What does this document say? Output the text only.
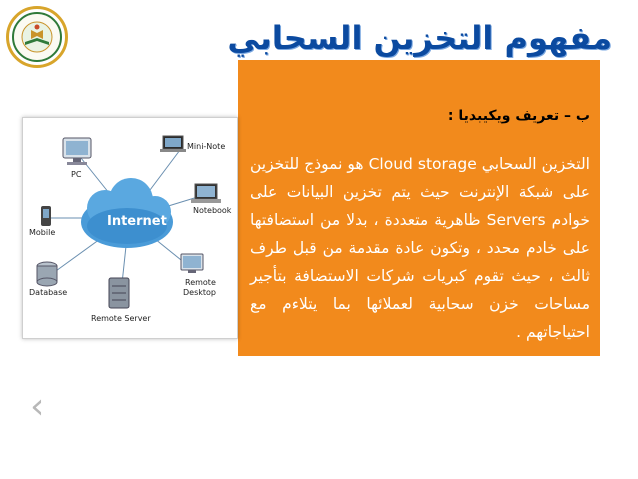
مفهوم التخزين السحابي
ب – تعريف ويكيبديا :

التخزين السحابي Cloud storage هو نموذج للتخزين على شبكة الإنترنت حيث يتم تخزين البيانات على خوادم Servers ظاهرية متعددة ، بدلا من استضافتها على خادم محدد ، وتكون عادة مقدمة من قبل طرف ثالث ، حيث تقوم كبريات شركات الاستضافة بتأجير مساحات خزن سحابية لعملائها بما يتلاءم مع احتياجاتهم .

Internet
PC
Mini-Note
Notebook
Mobile
Database
Remote Server
Remote
Desktop
‹
